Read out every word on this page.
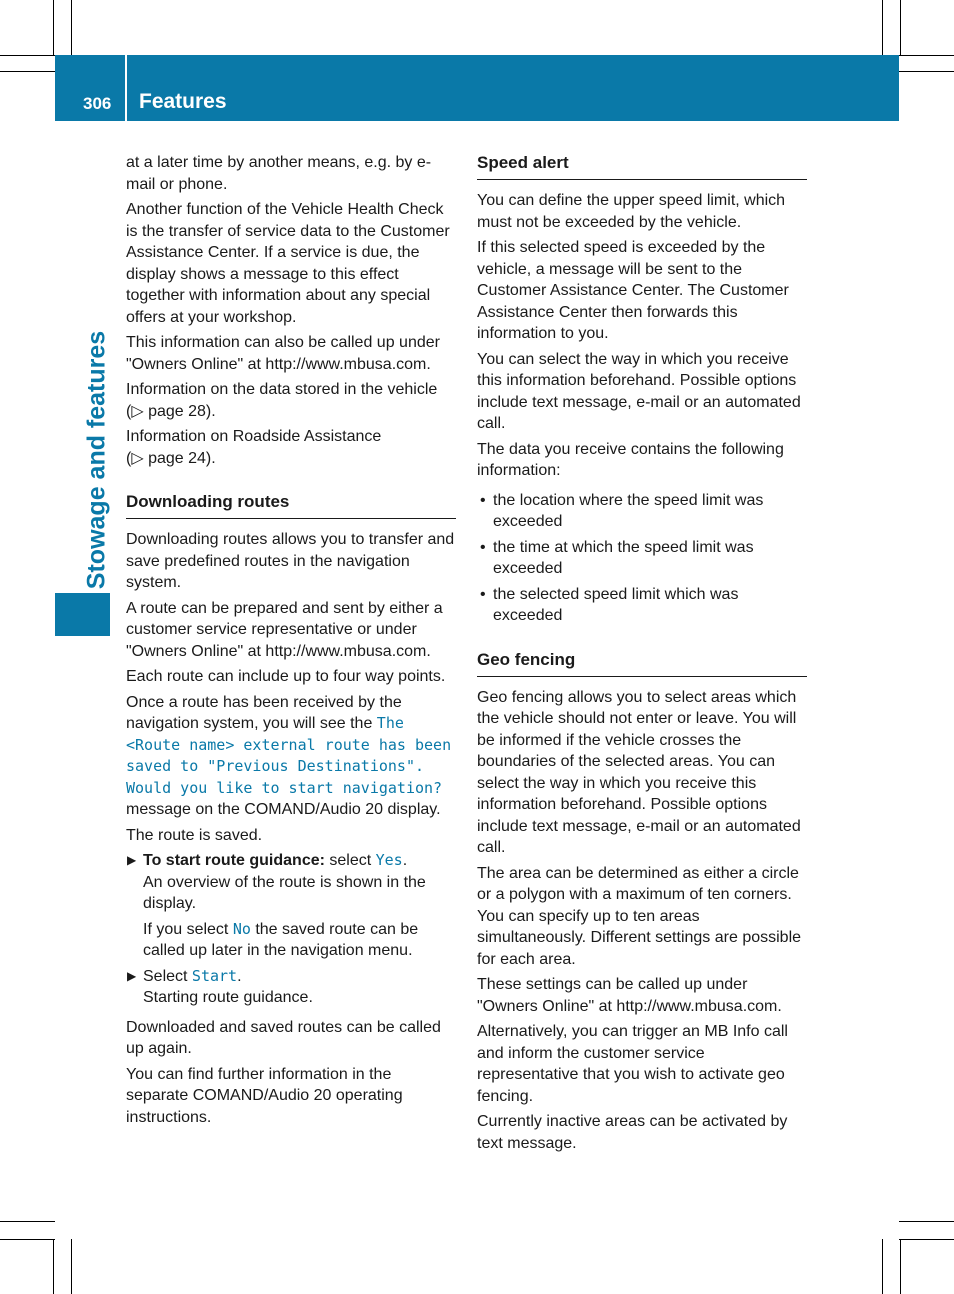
306 Features
Stowage and features

at a later time by another means, e.g. by e-mail or phone.

Another function of the Vehicle Health Check is the transfer of service data to the Customer Assistance Center. If a service is due, the display shows a message to this effect together with information about any special offers at your workshop.

This information can also be called up under "Owners Online" at http://www.mbusa.com.

Information on the data stored in the vehicle
(▷ page 28).

Information on Roadside Assistance
(▷ page 24).

Downloading routes

Downloading routes allows you to transfer and save predefined routes in the navigation system.

A route can be prepared and sent by either a customer service representative or under "Owners Online" at http://www.mbusa.com.

Each route can include up to four way points.

Once a route has been received by the navigation system, you will see the The <Route name> external route has been saved to "Previous Destinations". Would you like to start navigation? message on the COMAND/Audio 20 display.

The route is saved.

▶ To start route guidance: select Yes.
An overview of the route is shown in the display.
If you select No the saved route can be called up later in the navigation menu.
▶ Select Start.
Starting route guidance.

Downloaded and saved routes can be called up again.

You can find further information in the separate COMAND/Audio 20 operating instructions.

Speed alert

You can define the upper speed limit, which must not be exceeded by the vehicle.

If this selected speed is exceeded by the vehicle, a message will be sent to the Customer Assistance Center. The Customer Assistance Center then forwards this information to you.

You can select the way in which you receive this information beforehand. Possible options include text message, e-mail or an automated call.

The data you receive contains the following information:

• the location where the speed limit was exceeded
• the time at which the speed limit was exceeded
• the selected speed limit which was exceeded
Geo fencing

Geo fencing allows you to select areas which the vehicle should not enter or leave. You will be informed if the vehicle crosses the boundaries of the selected areas. You can select the way in which you receive this information beforehand. Possible options include text message, e-mail or an automated call.

The area can be determined as either a circle or a polygon with a maximum of ten corners. You can specify up to ten areas simultaneously. Different settings are possible for each area.

These settings can be called up under "Owners Online" at http://www.mbusa.com.

Alternatively, you can trigger an MB Info call and inform the customer service representative that you wish to activate geo fencing.

Currently inactive areas can be activated by text message.
